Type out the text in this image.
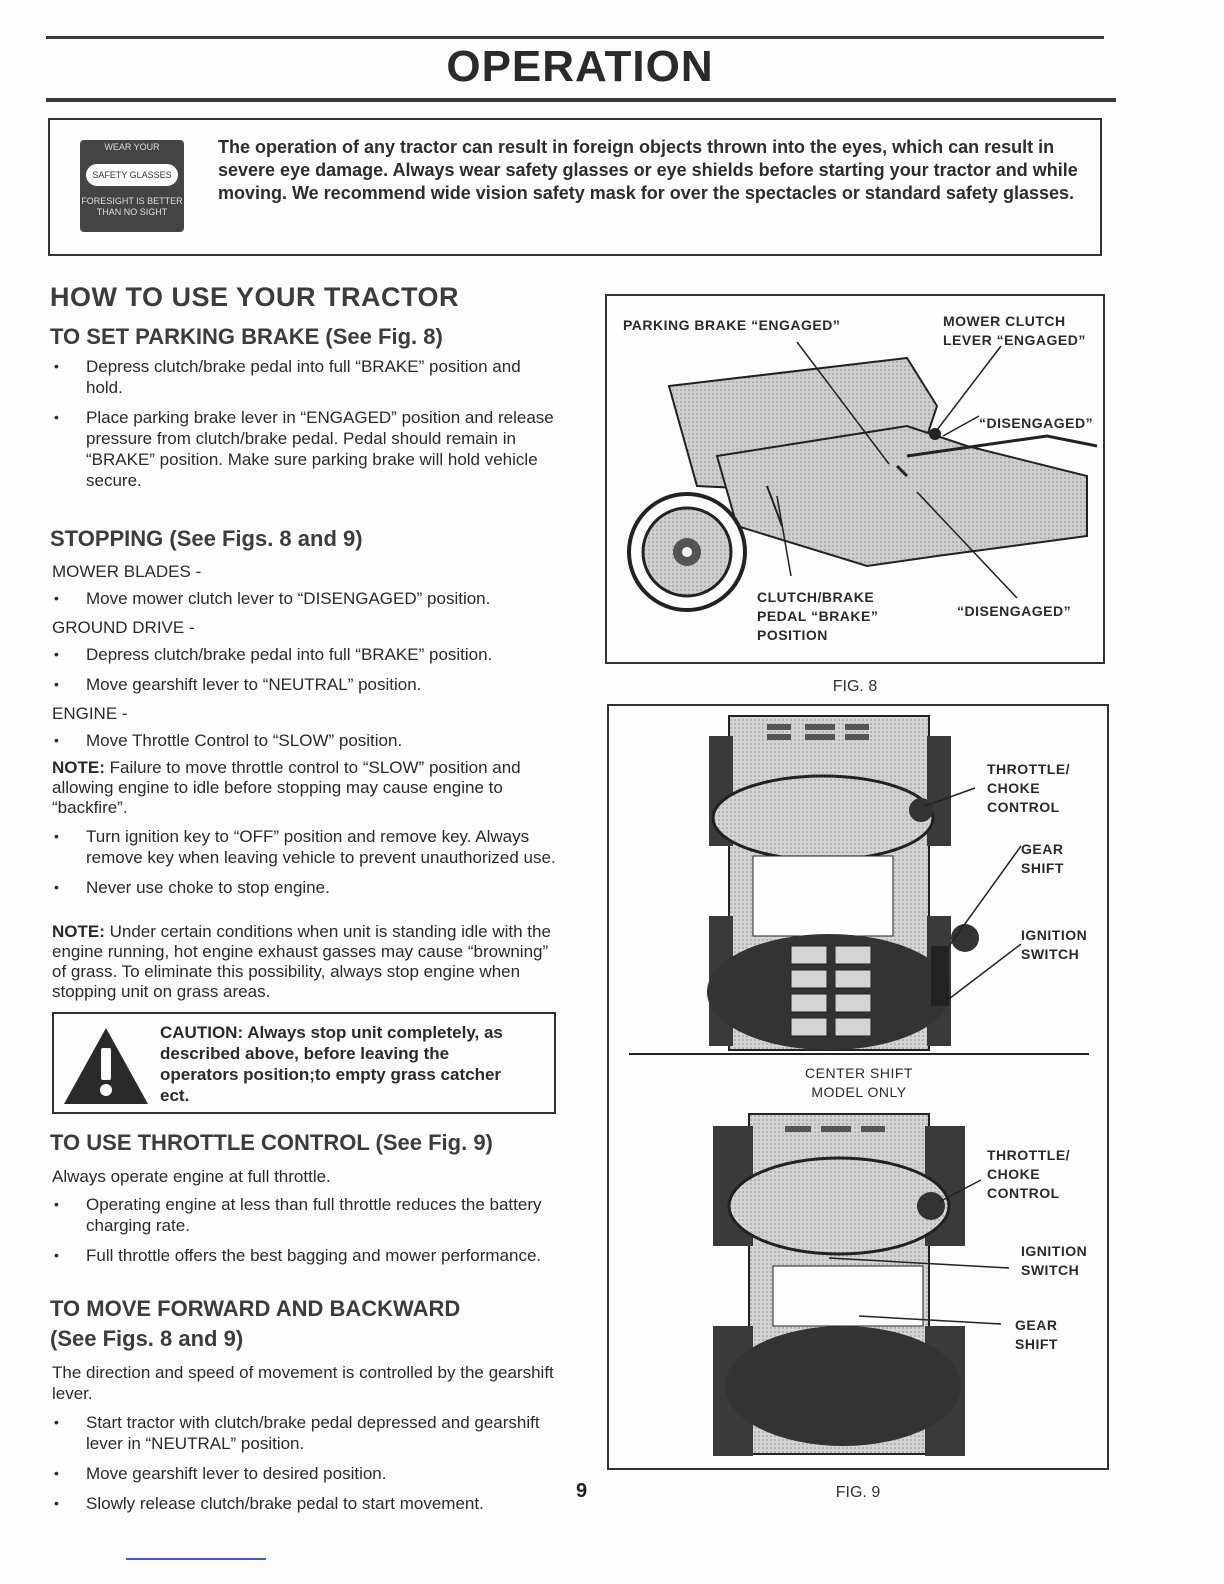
OPERATION
WEAR YOUR
SAFETY GLASSES
FORESIGHT IS BETTER THAN NO SIGHT
The operation of any tractor can result in foreign objects thrown into the eyes, which can result in severe eye damage. Always wear safety glasses or eye shields before starting your tractor and while moving. We recommend wide vision safety mask for over the spectacles or standard safety glasses.
HOW TO USE YOUR TRACTOR
TO SET PARKING BRAKE (See Fig. 8)
• Depress clutch/brake pedal into full “BRAKE” position and hold.
• Place parking brake lever in “ENGAGED” position and release pressure from clutch/brake pedal. Pedal should remain in “BRAKE” position. Make sure parking brake will hold vehicle secure.
STOPPING (See Figs. 8 and 9)
MOWER BLADES -
• Move mower clutch lever to “DISENGAGED” position.
GROUND DRIVE -
• Depress clutch/brake pedal into full “BRAKE” position.
• Move gearshift lever to “NEUTRAL” position.
ENGINE -
• Move Throttle Control to “SLOW” position.
NOTE: Failure to move throttle control to “SLOW” position and allowing engine to idle before stopping may cause engine to “backfire”.
• Turn ignition key to “OFF” position and remove key. Always remove key when leaving vehicle to prevent unauthorized use.
• Never use choke to stop engine.
NOTE: Under certain conditions when unit is standing idle with the engine running, hot engine exhaust gasses may cause “browning” of grass. To eliminate this possibility, always stop engine when stopping unit on grass areas.
CAUTION: Always stop unit completely, as described above, before leaving the operators position;to empty grass catcher ect.
TO USE THROTTLE CONTROL (See Fig. 9)
Always operate engine at full throttle.
• Operating engine at less than full throttle reduces the battery charging rate.
• Full throttle offers the best bagging and mower performance.
TO MOVE FORWARD AND BACKWARD
(See Figs. 8 and 9)
The direction and speed of movement is controlled by the gearshift lever.
• Start tractor with clutch/brake pedal depressed and gearshift lever in “NEUTRAL” position.
• Move gearshift lever to desired position.
• Slowly release clutch/brake pedal to start movement.
9
PARKING BRAKE “ENGAGED”	MOWER CLUTCH
LEVER “ENGAGED”
“DISENGAGED”
CLUTCH/BRAKE
PEDAL “BRAKE”
POSITION
“DISENGAGED”
FIG. 8
THROTTLE/
CHOKE
CONTROL
GEAR
SHIFT
IGNITION
SWITCH
CENTER SHIFT
MODEL ONLY
THROTTLE/
CHOKE
CONTROL
IGNITION
SWITCH
GEAR
SHIFT
FIG. 9
